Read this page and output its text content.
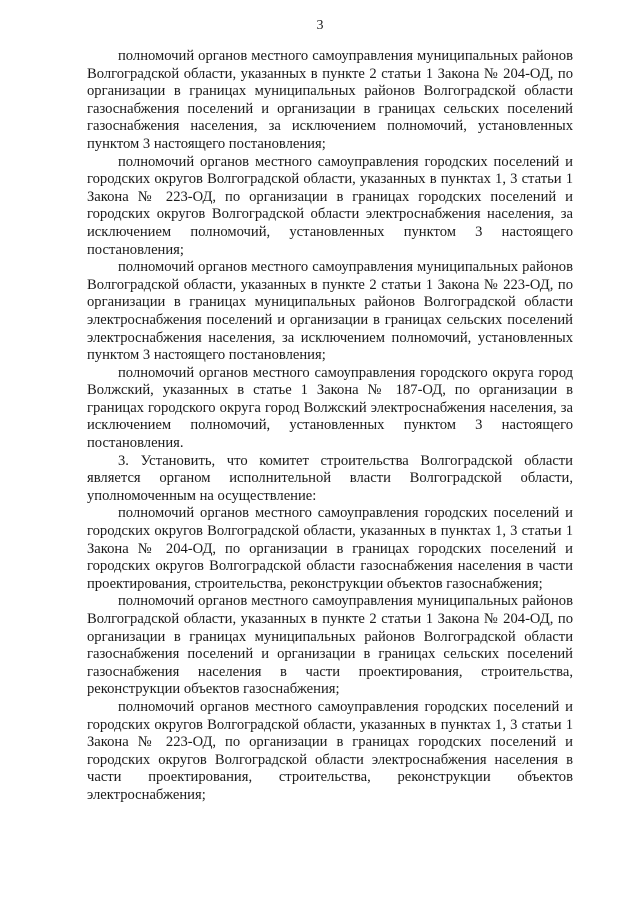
3

полномочий органов местного самоуправления муниципальных районов Волгоградской области, указанных в пункте 2 статьи 1 Закона № 204-ОД, по организации в границах муниципальных районов Волгоградской области газоснабжения поселений и организации в границах сельских поселений газоснабжения населения, за исключением полномочий, установленных пунктом 3 настоящего постановления;

полномочий органов местного самоуправления городских поселений и городских округов Волгоградской области, указанных в пунктах 1, 3 статьи 1 Закона № 223-ОД, по организации в границах городских поселений и городских округов Волгоградской области электроснабжения населения, за исключением полномочий, установленных пунктом 3 настоящего постановления;

полномочий органов местного самоуправления муниципальных районов Волгоградской области, указанных в пункте 2 статьи 1 Закона № 223-ОД, по организации в границах муниципальных районов Волгоградской области электроснабжения поселений и организации в границах сельских поселений электроснабжения населения, за исключением полномочий, установленных пунктом 3 настоящего постановления;

полномочий органов местного самоуправления городского округа город Волжский, указанных в статье 1 Закона № 187-ОД, по организации в границах городского округа город Волжский электроснабжения населения, за исключением полномочий, установленных пунктом 3 настоящего постановления.

3. Установить, что комитет строительства Волгоградской области является органом исполнительной власти Волгоградской области, уполномоченным на осуществление:

полномочий органов местного самоуправления городских поселений и городских округов Волгоградской области, указанных в пунктах 1, 3 статьи 1 Закона № 204-ОД, по организации в границах городских поселений и городских округов Волгоградской области газоснабжения населения в части проектирования, строительства, реконструкции объектов газоснабжения;

полномочий органов местного самоуправления муниципальных районов Волгоградской области, указанных в пункте 2 статьи 1 Закона № 204-ОД, по организации в границах муниципальных районов Волгоградской области газоснабжения поселений и организации в границах сельских поселений газоснабжения населения в части проектирования, строительства, реконструкции объектов газоснабжения;

полномочий органов местного самоуправления городских поселений и городских округов Волгоградской области, указанных в пунктах 1, 3 статьи 1 Закона № 223-ОД, по организации в границах городских поселений и городских округов Волгоградской области электроснабжения населения в части проектирования, строительства, реконструкции объектов электроснабжения;
